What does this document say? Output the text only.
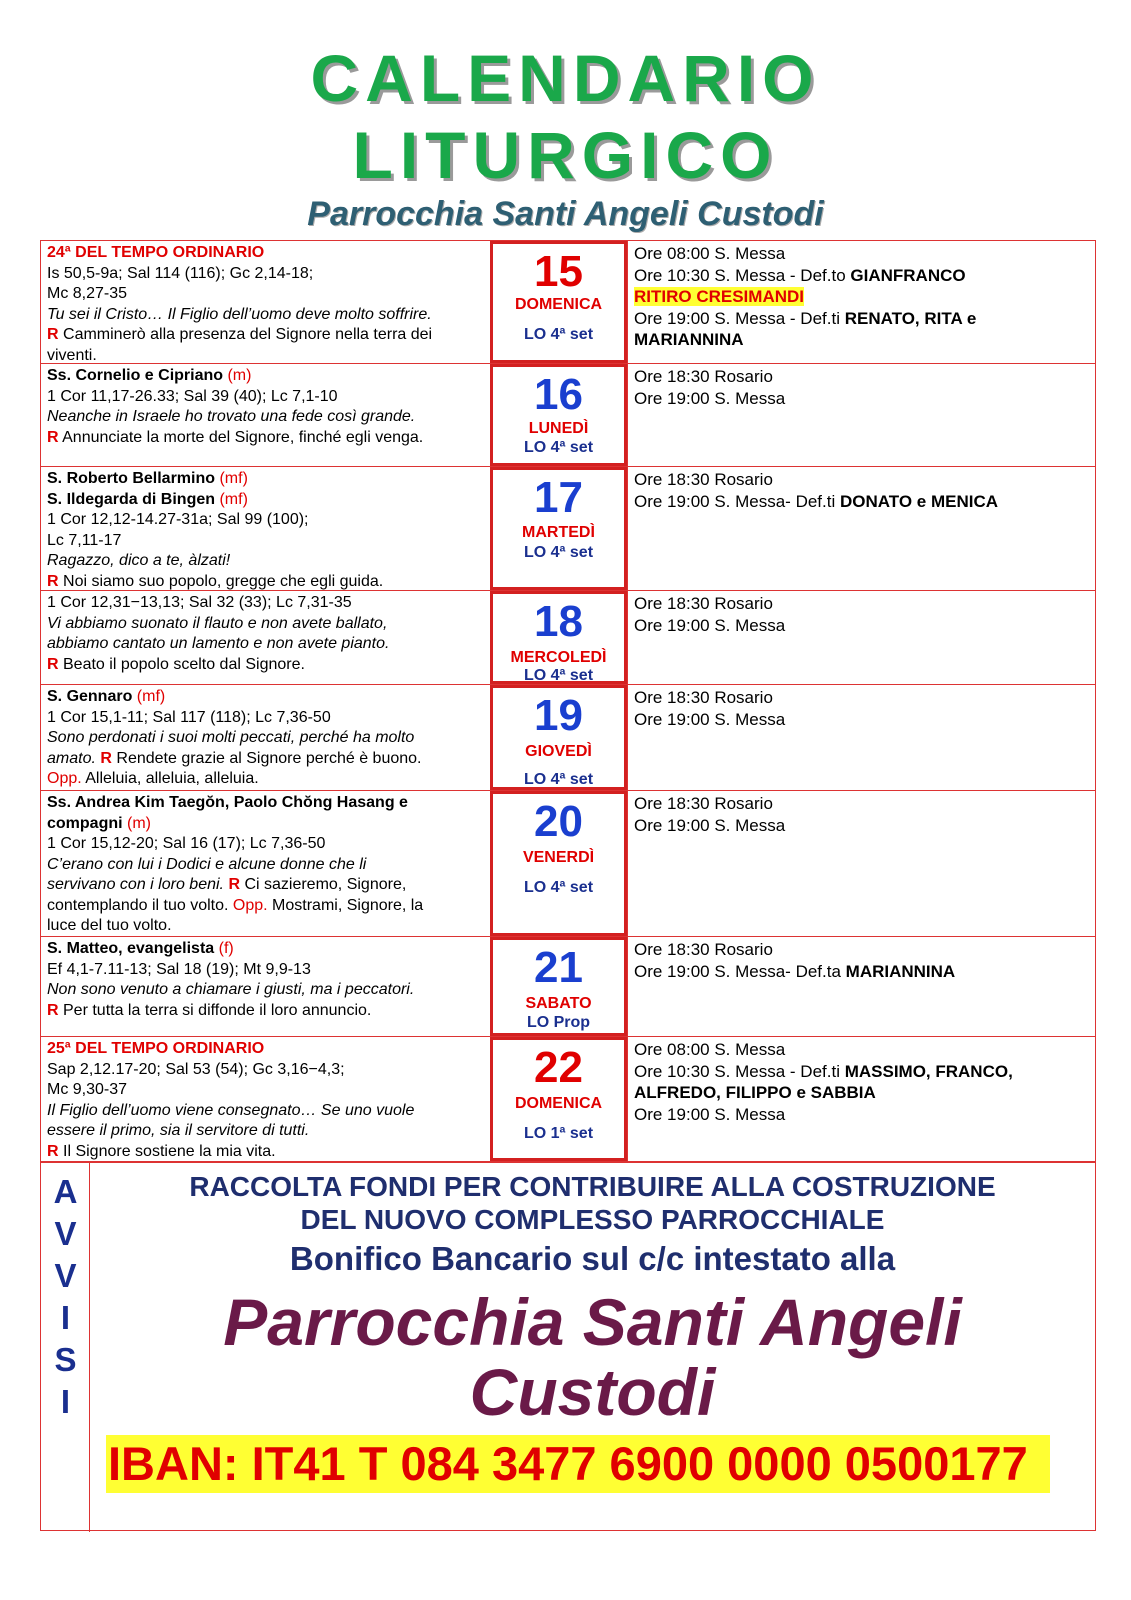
CALENDARIO
LITURGICO
Parrocchia Santi Angeli Custodi
24ª DEL TEMPO ORDINARIO
Is 50,5-9a; Sal 114 (116); Gc 2,14-18;
Mc 8,27-35
Tu sei il Cristo… Il Figlio dell’uomo deve molto soffrire.
R Camminerò alla presenza del Signore nella terra dei
viventi.
15
DOMENICA
LO 4ª set
Ore 08:00 S. Messa
Ore 10:30 S. Messa - Def.to GIANFRANCO
RITIRO CRESIMANDI
Ore 19:00 S. Messa - Def.ti RENATO, RITA e
MARIANNINA
Ss. Cornelio e Cipriano (m)
1 Cor 11,17-26.33; Sal 39 (40); Lc 7,1-10
Neanche in Israele ho trovato una fede così grande.
R Annunciate la morte del Signore, finché egli venga.
16
LUNEDÌ
LO 4ª set
Ore 18:30 Rosario
Ore 19:00 S. Messa
S. Roberto Bellarmino (mf)
S. Ildegarda di Bingen (mf)
1 Cor 12,12-14.27-31a; Sal 99 (100);
Lc 7,11-17
Ragazzo, dico a te, àlzati!
R Noi siamo suo popolo, gregge che egli guida.
17
MARTEDÌ
LO 4ª set
Ore 18:30 Rosario
Ore 19:00 S. Messa- Def.ti DONATO e MENICA
1 Cor 12,31−13,13; Sal 32 (33); Lc 7,31-35
Vi abbiamo suonato il flauto e non avete ballato,
abbiamo cantato un lamento e non avete pianto.
R Beato il popolo scelto dal Signore.
18
MERCOLEDÌ
LO 4ª set
Ore 18:30 Rosario
Ore 19:00 S. Messa
S. Gennaro (mf)
1 Cor 15,1-11; Sal 117 (118); Lc 7,36-50
Sono perdonati i suoi molti peccati, perché ha molto
amato. R Rendete grazie al Signore perché è buono.
Opp. Alleluia, alleluia, alleluia.
19
GIOVEDÌ
LO 4ª set
Ore 18:30 Rosario
Ore 19:00 S. Messa
Ss. Andrea Kim Taegŏn, Paolo Chŏng Hasang e
compagni (m)
1 Cor 15,12-20; Sal 16 (17); Lc 7,36-50
C’erano con lui i Dodici e alcune donne che li
servivano con i loro beni. R Ci sazieremo, Signore,
contemplando il tuo volto. Opp. Mostrami, Signore, la
luce del tuo volto.
20
VENERDÌ
LO 4ª set
Ore 18:30 Rosario
Ore 19:00 S. Messa
S. Matteo, evangelista (f)
Ef 4,1-7.11-13; Sal 18 (19); Mt 9,9-13
Non sono venuto a chiamare i giusti, ma i peccatori.
R Per tutta la terra si diffonde il loro annuncio.
21
SABATO
LO Prop
Ore 18:30 Rosario
Ore 19:00 S. Messa- Def.ta MARIANNINA
25ª DEL TEMPO ORDINARIO
Sap 2,12.17-20; Sal 53 (54); Gc 3,16−4,3;
Mc 9,30-37
Il Figlio dell’uomo viene consegnato… Se uno vuole
essere il primo, sia il servitore di tutti.
R Il Signore sostiene la mia vita.
22
DOMENICA
LO 1ª set
Ore 08:00 S. Messa
Ore 10:30 S. Messa - Def.ti MASSIMO, FRANCO,
ALFREDO, FILIPPO e SABBIA
Ore 19:00 S. Messa
A
V
V
I
S
I
RACCOLTA FONDI PER CONTRIBUIRE ALLA COSTRUZIONE
DEL NUOVO COMPLESSO PARROCCHIALE
Bonifico Bancario sul c/c intestato alla
Parrocchia Santi Angeli
Custodi
IBAN: IT41 T 084 3477 6900 0000 0500177
